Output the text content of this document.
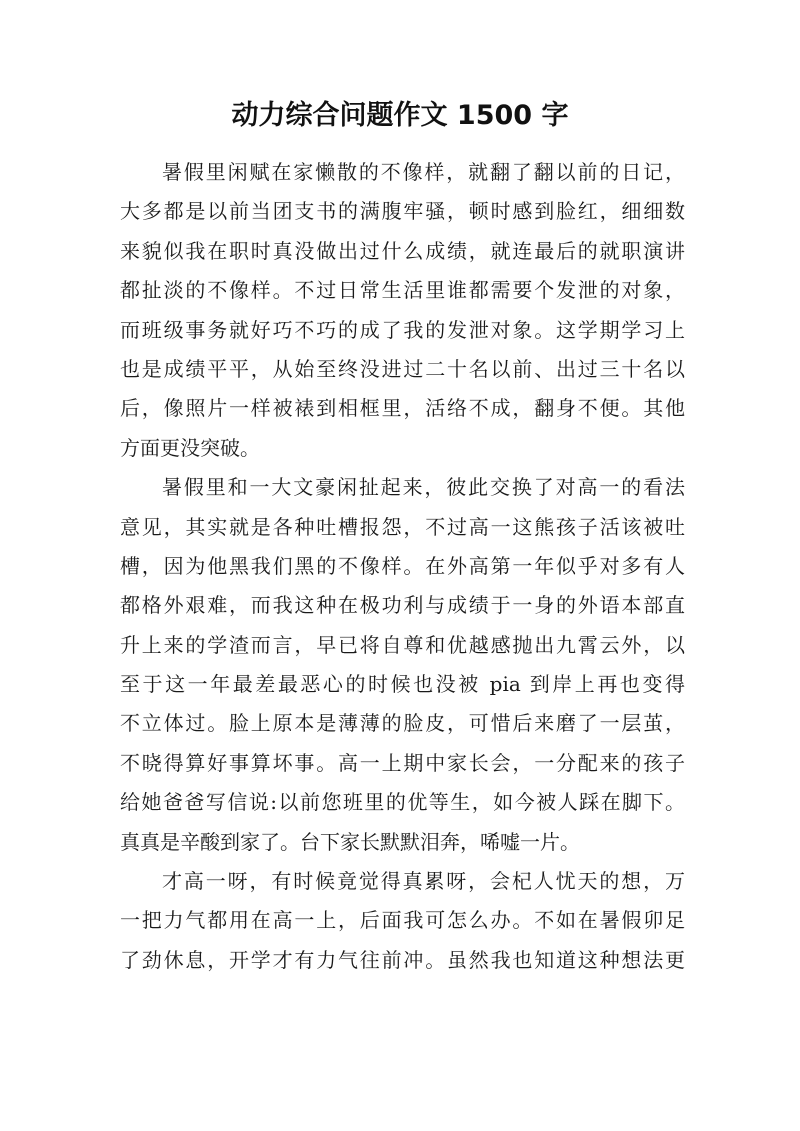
动力综合问题作文 1500 字
暑假里闲赋在家懒散的不像样，就翻了翻以前的日记，
大多都是以前当团支书的满腹牢骚，顿时感到脸红，细细数
来貌似我在职时真没做出过什么成绩，就连最后的就职演讲
都扯淡的不像样。不过日常生活里谁都需要个发泄的对象，
而班级事务就好巧不巧的成了我的发泄对象。这学期学习上
也是成绩平平，从始至终没进过二十名以前、出过三十名以
后，像照片一样被裱到相框里，活络不成，翻身不便。其他
方面更没突破。
暑假里和一大文豪闲扯起来，彼此交换了对高一的看法
意见，其实就是各种吐槽报怨，不过高一这熊孩子活该被吐
槽，因为他黑我们黑的不像样。在外高第一年似乎对多有人
都格外艰难，而我这种在极功利与成绩于一身的外语本部直
升上来的学渣而言，早已将自尊和优越感抛出九霄云外，以
至于这一年最差最恶心的时候也没被 pia 到岸上再也变得
不立体过。脸上原本是薄薄的脸皮，可惜后来磨了一层茧，
不晓得算好事算坏事。高一上期中家长会，一分配来的孩子
给她爸爸写信说:以前您班里的优等生，如今被人踩在脚下。
真真是辛酸到家了。台下家长默默泪奔，唏嘘一片。
才高一呀，有时候竟觉得真累呀，会杞人忧天的想，万
一把力气都用在高一上，后面我可怎么办。不如在暑假卯足
了劲休息，开学才有力气往前冲。虽然我也知道这种想法更
